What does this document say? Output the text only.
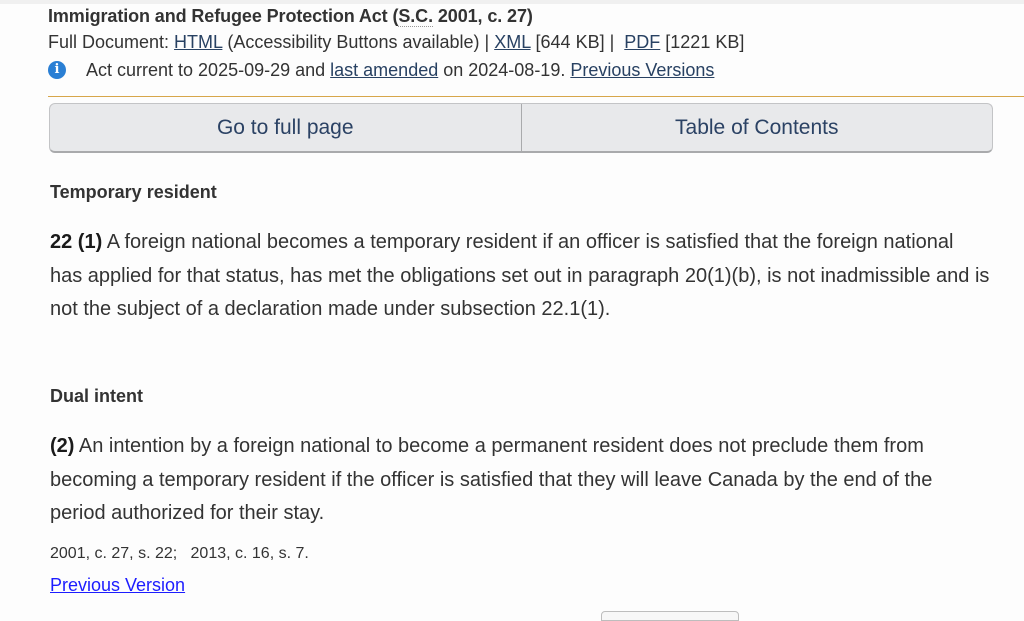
Immigration and Refugee Protection Act (S.C. 2001, c. 27)
Full Document: HTML (Accessibility Buttons available) | XML [644 KB] |  PDF [1221 KB]
i	Act current to 2025-09-29 and last amended on 2024-08-19. Previous Versions
Go to full page	Table of Contents
Temporary resident

22 (1) A foreign national becomes a temporary resident if an officer is satisfied that the foreign national has applied for that status, has met the obligations set out in paragraph 20(1)(b), is not inadmissible and is not the subject of a declaration made under subsection 22.1(1).

Dual intent

(2) An intention by a foreign national to become a permanent resident does not preclude them from becoming a temporary resident if the officer is satisfied that they will leave Canada by the end of the period authorized for their stay.

2001, c. 27, s. 22;   2013, c. 16, s. 7.
Previous Version
